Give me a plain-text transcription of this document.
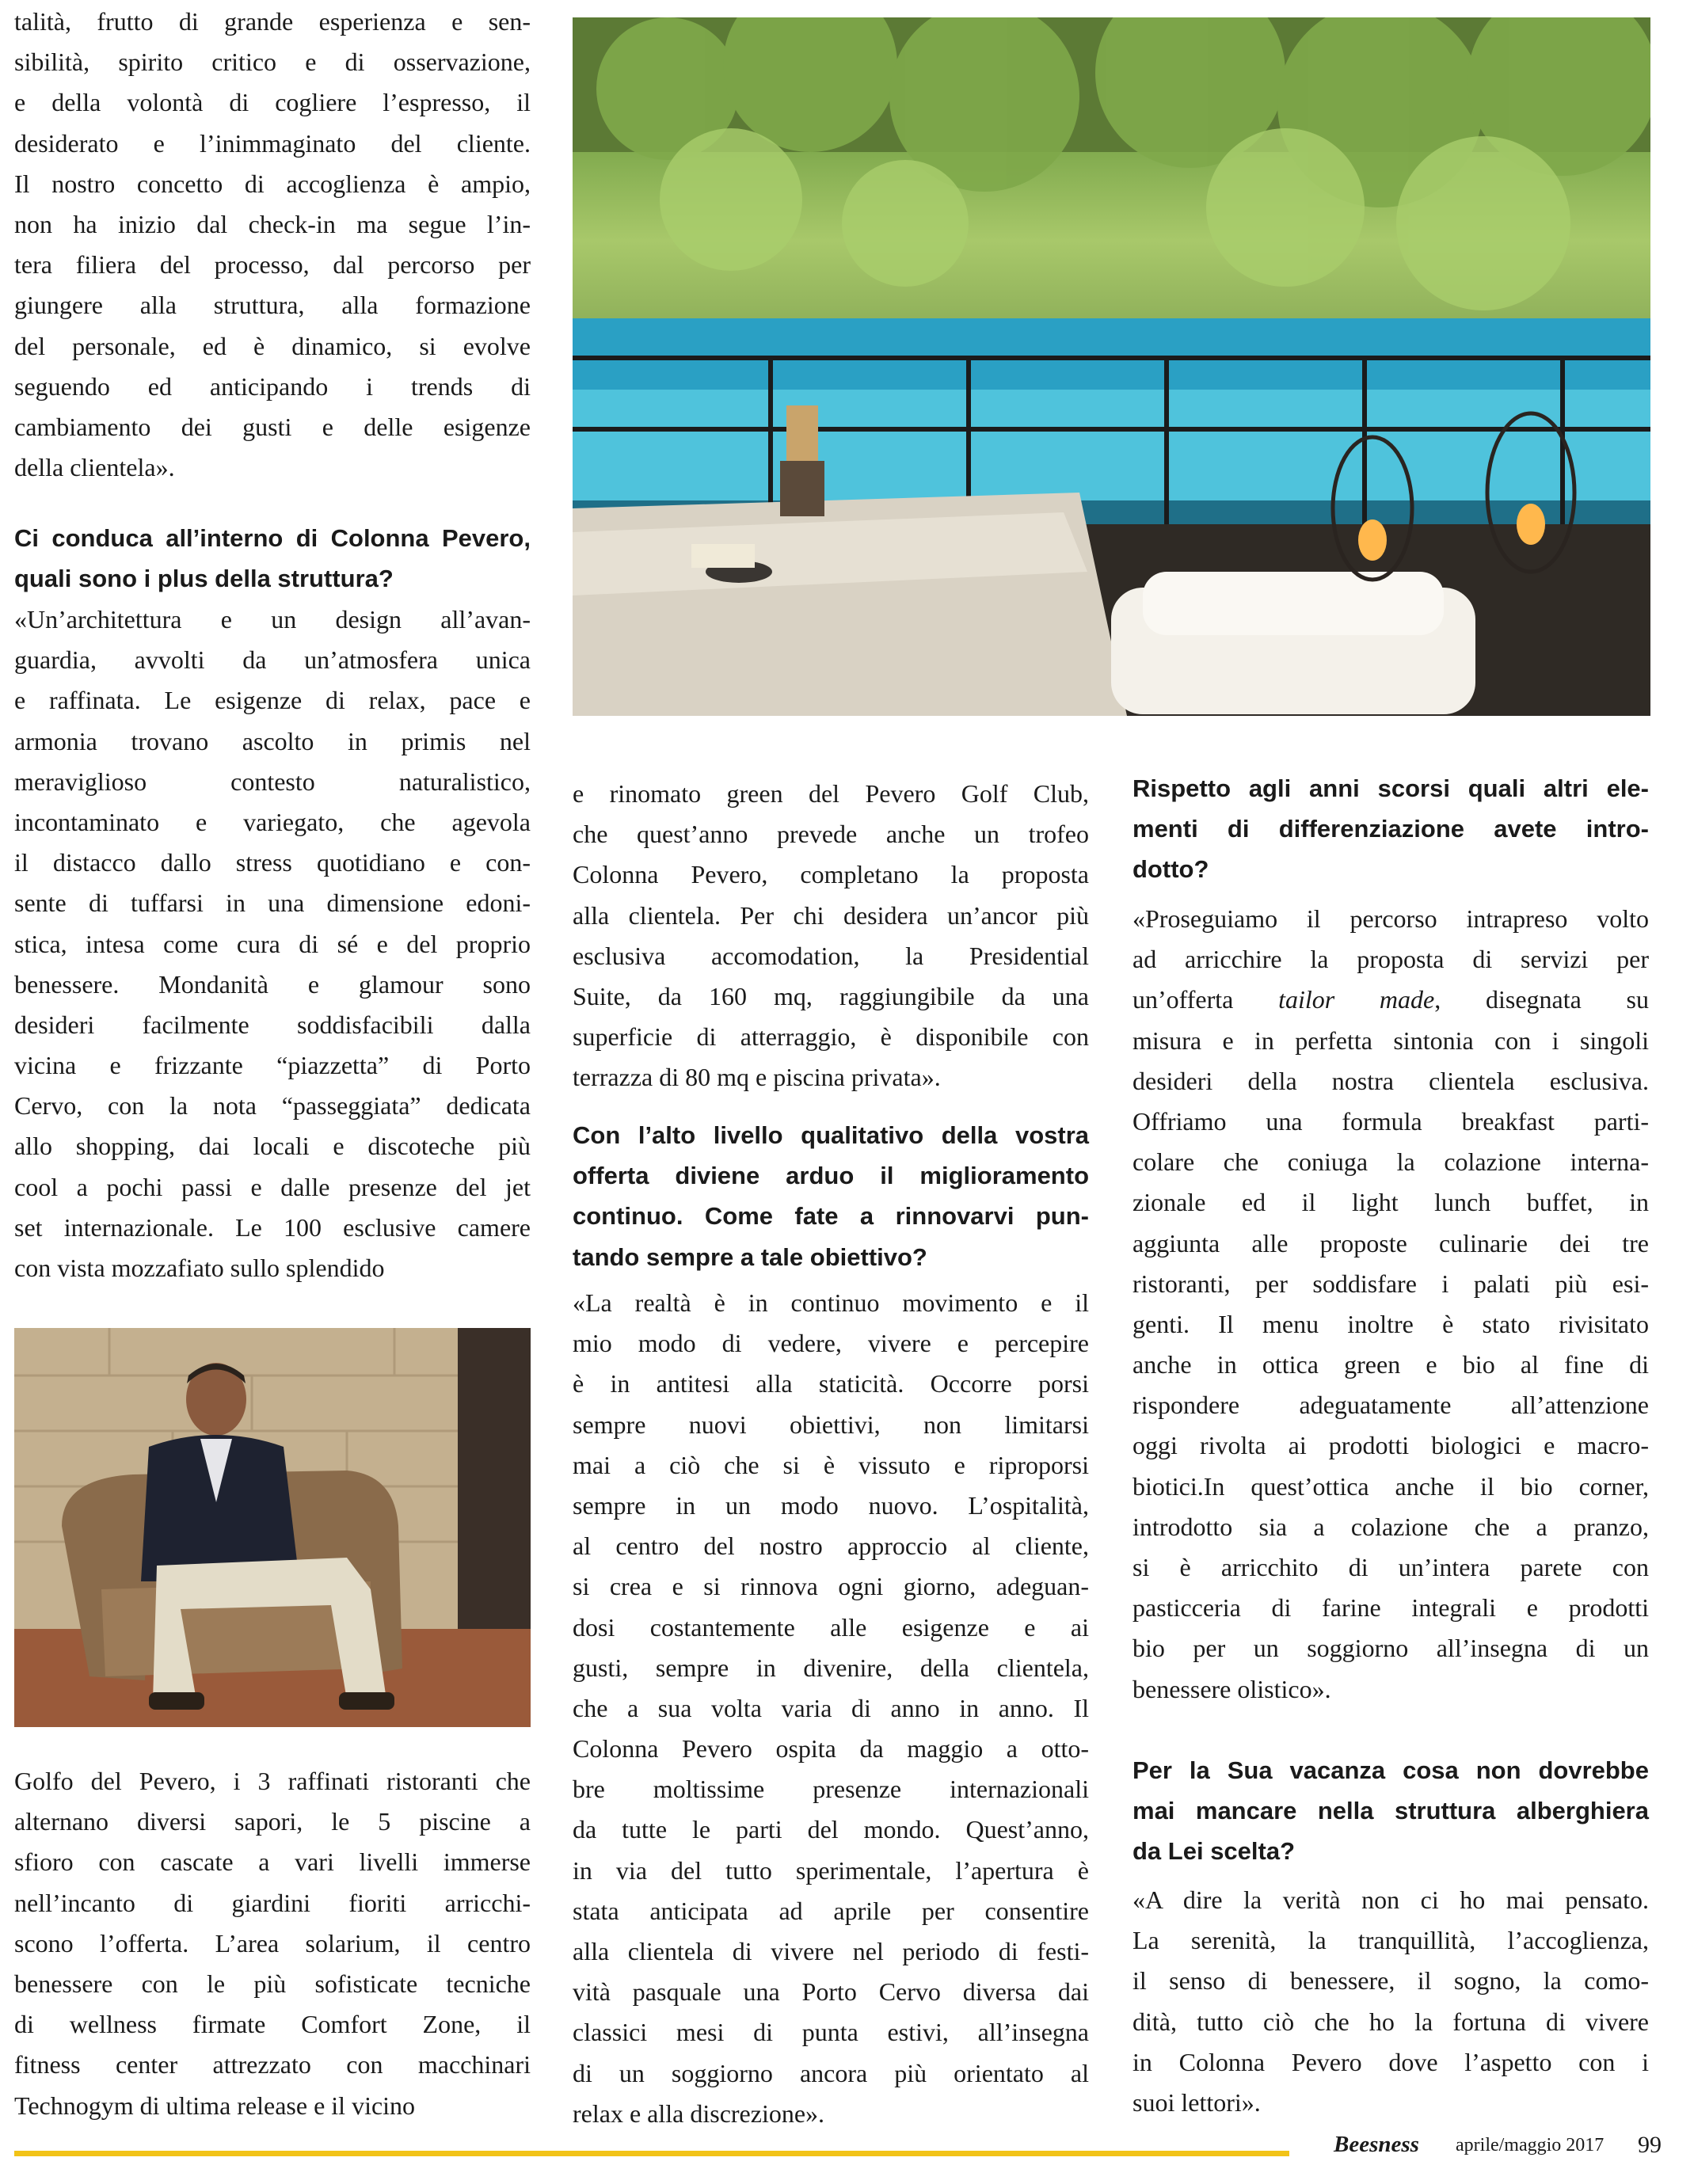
talità, frutto di grande esperienza e sen-
sibilità, spirito critico e di osservazione,
e della volontà di cogliere l’espresso, il
desiderato e l’inimmaginato del cliente.
Il nostro concetto di accoglienza è ampio,
non ha inizio dal check-in ma segue l’in-
tera filiera del processo, dal percorso per
giungere alla struttura, alla formazione
del personale, ed è dinamico, si evolve
seguendo ed anticipando i trends di
cambiamento dei gusti e delle esigenze
della clientela».
Ci conduca all’interno di Colonna Pevero,
quali sono i plus della struttura?
«Un’architettura e un design all’avan-
guardia, avvolti da un’atmosfera unica
e raffinata. Le esigenze di relax, pace e
armonia trovano ascolto in primis nel
meraviglioso contesto naturalistico,
incontaminato e variegato, che agevola
il distacco dallo stress quotidiano e con-
sente di tuffarsi in una dimensione edoni-
stica, intesa come cura di sé e del proprio
benessere. Mondanità e glamour sono
desideri facilmente soddisfacibili dalla
vicina e frizzante “piazzetta” di Porto
Cervo, con la nota “passeggiata” dedicata
allo shopping, dai locali e discoteche più
cool a pochi passi e dalle presenze del jet
set internazionale. Le 100 esclusive camere
con vista mozzafiato sullo splendido
Golfo del Pevero, i 3 raffinati ristoranti che
alternano diversi sapori, le 5 piscine a
sfioro con cascate a vari livelli immerse
nell’incanto di giardini fioriti arricchi-
scono l’offerta. L’area solarium, il centro
benessere con le più sofisticate tecniche
di wellness firmate Comfort Zone, il
fitness center attrezzato con macchinari
Technogym di ultima release e il vicino
e rinomato green del Pevero Golf Club,
che quest’anno prevede anche un trofeo
Colonna Pevero, completano la proposta
alla clientela. Per chi desidera un’ancor più
esclusiva accomodation, la Presidential
Suite, da 160 mq, raggiungibile da una
superficie di atterraggio, è disponibile con
terrazza di 80 mq e piscina privata».
Con l’alto livello qualitativo della vostra
offerta diviene arduo il miglioramento
continuo. Come fate a rinnovarvi pun-
tando sempre a tale obiettivo?
«La realtà è in continuo movimento e il
mio modo di vedere, vivere e percepire
è in antitesi alla staticità. Occorre porsi
sempre nuovi obiettivi, non limitarsi
mai a ciò che si è vissuto e riproporsi
sempre in un modo nuovo. L’ospitalità,
al centro del nostro approccio al cliente,
si crea e si rinnova ogni giorno, adeguan-
dosi costantemente alle esigenze e ai
gusti, sempre in divenire, della clientela,
che a sua volta varia di anno in anno. Il
Colonna Pevero ospita da maggio a otto-
bre moltissime presenze internazionali
da tutte le parti del mondo. Quest’anno,
in via del tutto sperimentale, l’apertura è
stata anticipata ad aprile per consentire
alla clientela di vivere nel periodo di festi-
vità pasquale una Porto Cervo diversa dai
classici mesi di punta estivi, all’insegna
di un soggiorno ancora più orientato al
relax e alla discrezione».
Rispetto agli anni scorsi quali altri ele-
menti di differenziazione avete intro-
dotto?
«Proseguiamo il percorso intrapreso volto
ad arricchire la proposta di servizi per
un’offerta tailor made, disegnata su
misura e in perfetta sintonia con i singoli
desideri della nostra clientela esclusiva.
Offriamo una formula breakfast parti-
colare che coniuga la colazione interna-
zionale ed il light lunch buffet, in
aggiunta alle proposte culinarie dei tre
ristoranti, per soddisfare i palati più esi-
genti. Il menu inoltre è stato rivisitato
anche in ottica green e bio al fine di
rispondere adeguatamente all’attenzione
oggi rivolta ai prodotti biologici e macro-
biotici.In quest’ottica anche il bio corner,
introdotto sia a colazione che a pranzo,
si è arricchito di un’intera parete con
pasticceria di farine integrali e prodotti
bio per un soggiorno all’insegna di un
benessere olistico».
Per la Sua vacanza cosa non dovrebbe
mai mancare nella struttura alberghiera
da Lei scelta?
«A dire la verità non ci ho mai pensato.
La serenità, la tranquillità, l’accoglienza,
il senso di benessere, il sogno, la como-
dità, tutto ciò che ho la fortuna di vivere
in Colonna Pevero dove l’aspetto con i
suoi lettori».
Beesness aprile/maggio 2017 99
